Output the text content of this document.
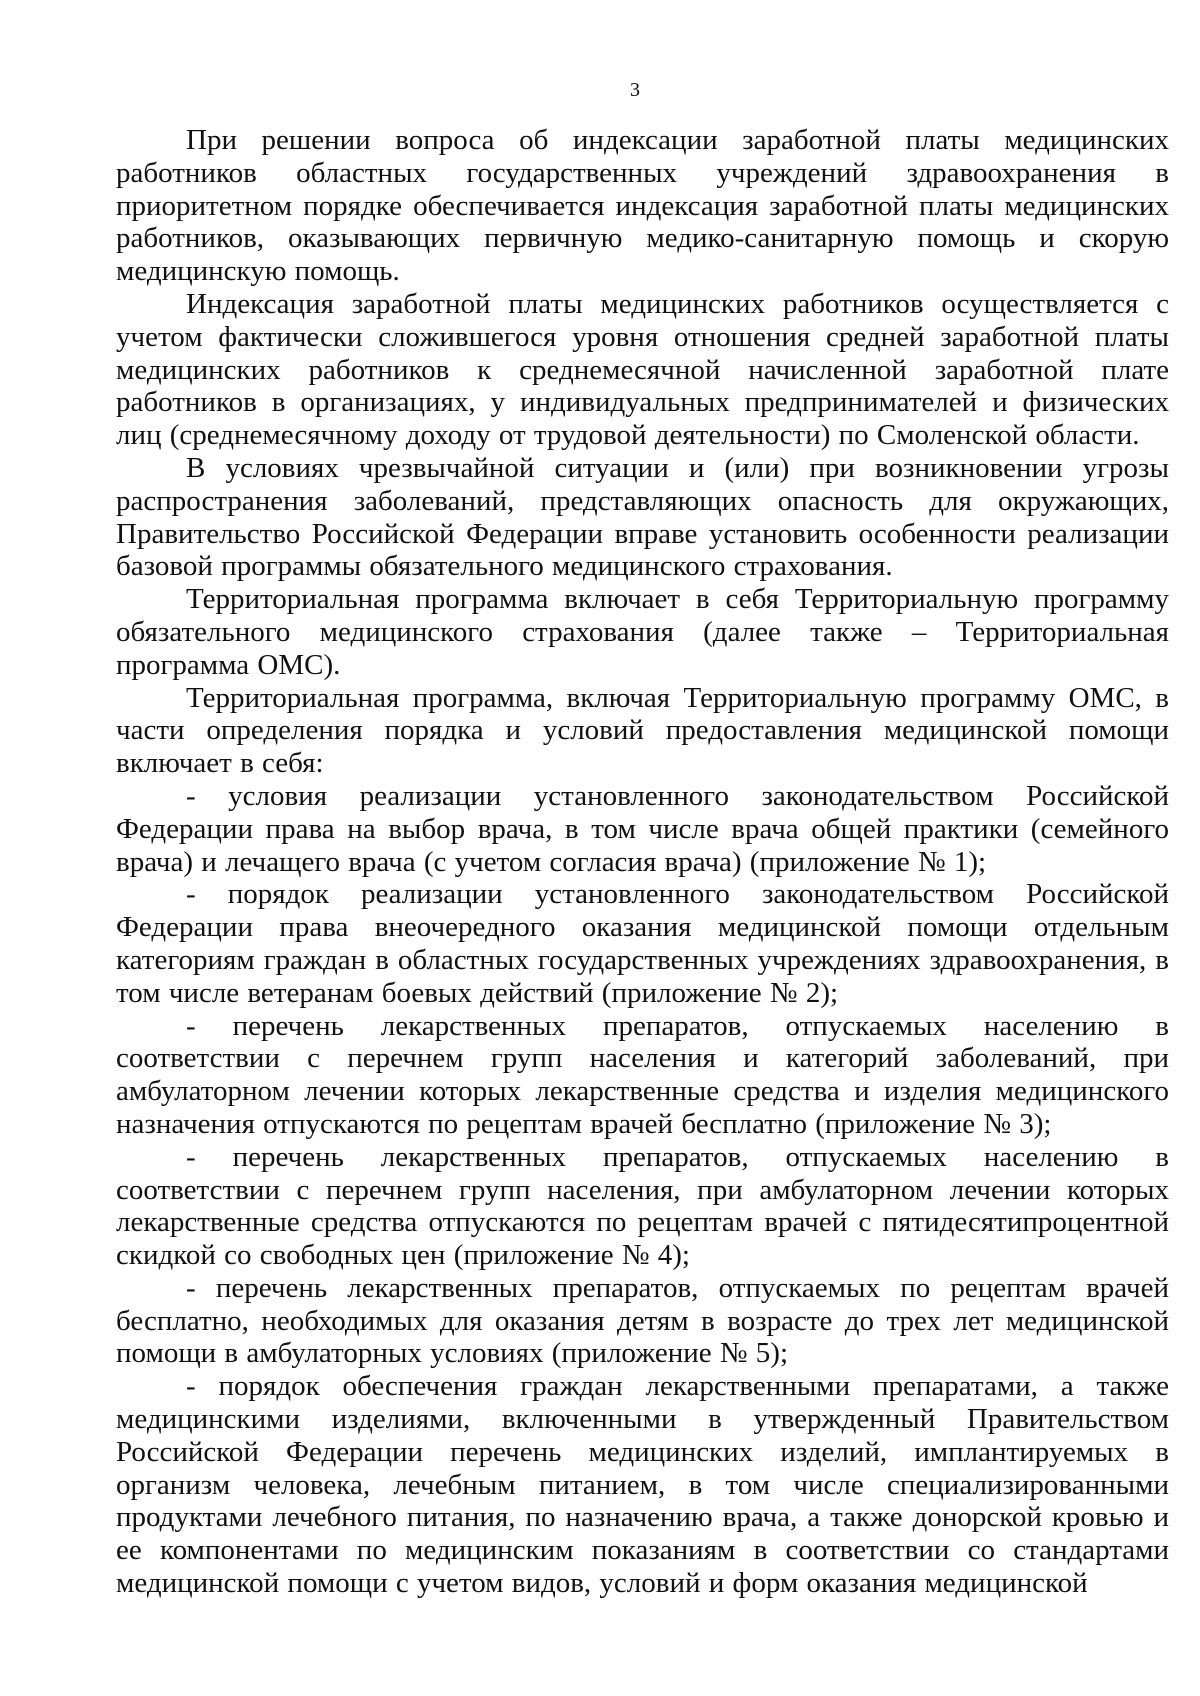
3

При решении вопроса об индексации заработной платы медицинских работников областных государственных учреждений здравоохранения в приоритетном порядке обеспечивается индексация заработной платы медицинских работников, оказывающих первичную медико-санитарную помощь и скорую медицинскую помощь.

Индексация заработной платы медицинских работников осуществляется с учетом фактически сложившегося уровня отношения средней заработной платы медицинских работников к среднемесячной начисленной заработной плате работников в организациях, у индивидуальных предпринимателей и физических лиц (среднемесячному доходу от трудовой деятельности) по Смоленской области.

В условиях чрезвычайной ситуации и (или) при возникновении угрозы распространения заболеваний, представляющих опасность для окружающих, Правительство Российской Федерации вправе установить особенности реализации базовой программы обязательного медицинского страхования.

Территориальная программа включает в себя Территориальную программу обязательного медицинского страхования (далее также – Территориальная программа ОМС).

Территориальная программа, включая Территориальную программу ОМС, в части определения порядка и условий предоставления медицинской помощи включает в себя:

- условия реализации установленного законодательством Российской Федерации права на выбор врача, в том числе врача общей практики (семейного врача) и лечащего врача (с учетом согласия врача) (приложение № 1);

- порядок реализации установленного законодательством Российской Федерации права внеочередного оказания медицинской помощи отдельным категориям граждан в областных государственных учреждениях здравоохранения, в том числе ветеранам боевых действий (приложение № 2);

- перечень лекарственных препаратов, отпускаемых населению в соответствии с перечнем групп населения и категорий заболеваний, при амбулаторном лечении которых лекарственные средства и изделия медицинского назначения отпускаются по рецептам врачей бесплатно (приложение № 3);

- перечень лекарственных препаратов, отпускаемых населению в соответствии с перечнем групп населения, при амбулаторном лечении которых лекарственные средства отпускаются по рецептам врачей с пятидесятипроцентной скидкой со свободных цен (приложение № 4);

- перечень лекарственных препаратов, отпускаемых по рецептам врачей бесплатно, необходимых для оказания детям в возрасте до трех лет медицинской помощи в амбулаторных условиях (приложение № 5);

- порядок обеспечения граждан лекарственными препаратами, а также медицинскими изделиями, включенными в утвержденный Правительством Российской Федерации перечень медицинских изделий, имплантируемых в организм человека, лечебным питанием, в том числе специализированными продуктами лечебного питания, по назначению врача, а также донорской кровью и ее компонентами по медицинским показаниям в соответствии со стандартами медицинской помощи с учетом видов, условий и форм оказания медицинской
